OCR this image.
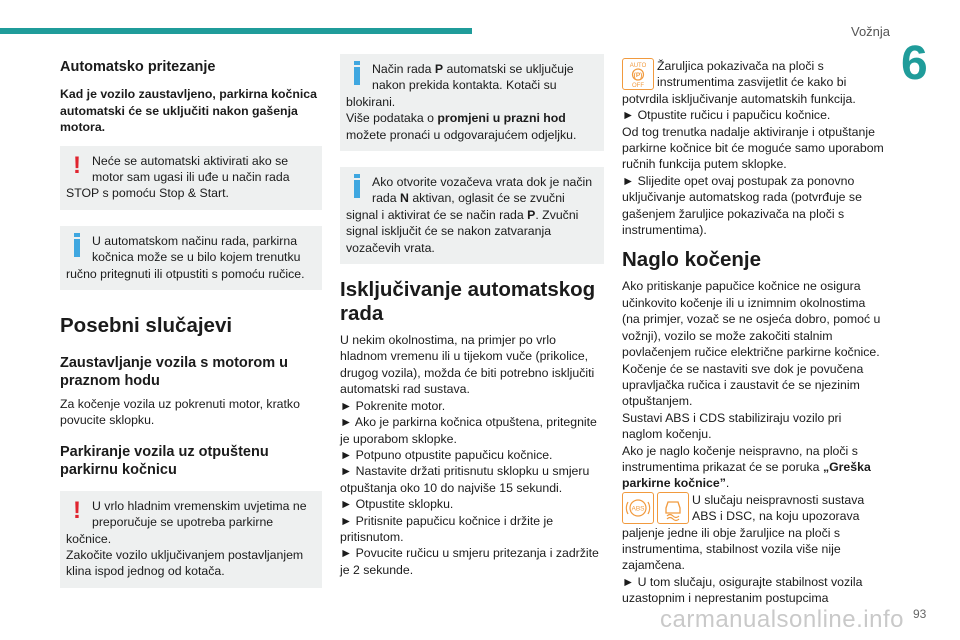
Vožnja
6
Automatsko pritezanje
Kad je vozilo zaustavljeno, parkirna kočnica automatski će se uključiti nakon gašenja motora.
! Neće se automatski aktivirati ako se motor sam ugasi ili uđe u način rada STOP s pomoću Stop & Start.
U automatskom načinu rada, parkirna kočnica može se u bilo kojem trenutku ručno pritegnuti ili otpustiti s pomoću ručice.
Posebni slučajevi
Zaustavljanje vozila s motorom u praznom hodu
Za kočenje vozila uz pokrenuti motor, kratko povucite sklopku.
Parkiranje vozila uz otpuštenu parkirnu kočnicu
! U vrlo hladnim vremenskim uvjetima ne preporučuje se upotreba parkirne kočnice.
Zakočite vozilo uključivanjem postavljanjem klina ispod jednog od kotača.
Način rada P automatski se uključuje nakon prekida kontakta. Kotači su blokirani.
Više podataka o promjeni u prazni hod možete pronaći u odgovarajućem odjeljku.
Ako otvorite vozačeva vrata dok je način rada N aktivan, oglasit će se zvučni signal i aktivirat će se način rada P. Zvučni signal isključit će se nakon zatvaranja vozačevih vrata.
Isključivanje automatskog rada
U nekim okolnostima, na primjer po vrlo hladnom vremenu ili u tijekom vuče (prikolice, drugog vozila), možda će biti potrebno isključiti automatski rad sustava.
► Pokrenite motor.
► Ako je parkirna kočnica otpuštena, pritegnite je uporabom sklopke.
► Potpuno otpustite papučicu kočnice.
► Nastavite držati pritisnutu sklopku u smjeru otpuštanja oko 10 do najviše 15 sekundi.
► Otpustite sklopku.
► Pritisnite papučicu kočnice i držite je pritisnutom.
► Povucite ručicu u smjeru pritezanja i zadržite je 2 sekunde.
AUTO
(P)
OFF
Žaruljica pokazivača na ploči s instrumentima zasvijetlit će kako bi potvrdila isključivanje automatskih funkcija.
► Otpustite ručicu i papučicu kočnice.
Od tog trenutka nadalje aktiviranje i otpuštanje parkirne kočnice bit će moguće samo uporabom ručnih funkcija putem sklopke.
► Slijedite opet ovaj postupak za ponovno uključivanje automatskog rada (potvrđuje se gašenjem žaruljice pokazivača na ploči s instrumentima).
Naglo kočenje
Ako pritiskanje papučice kočnice ne osigura učinkovito kočenje ili u iznimnim okolnostima (na primjer, vozač se ne osjeća dobro, pomoć u vožnji), vozilo se može zakočiti stalnim povlačenjem ručice električne parkirne kočnice. Kočenje će se nastaviti sve dok je povučena upravljačka ručica i zaustavit će se njezinim otpuštanjem.
Sustavi ABS i CDS stabiliziraju vozilo pri naglom kočenju.
Ako je naglo kočenje neispravno, na ploči s instrumentima prikazat će se poruka „Greška parkirne kočnice”.
ABS
U slučaju neispravnosti sustava ABS i DSC, na koju upozorava paljenje jedne ili obje žaruljice na ploči s instrumentima, stabilnost vozila više nije zajamčena.
► U tom slučaju, osigurajte stabilnost vozila uzastopnim i neprestanim postupcima
carmanualsonline.info 93
